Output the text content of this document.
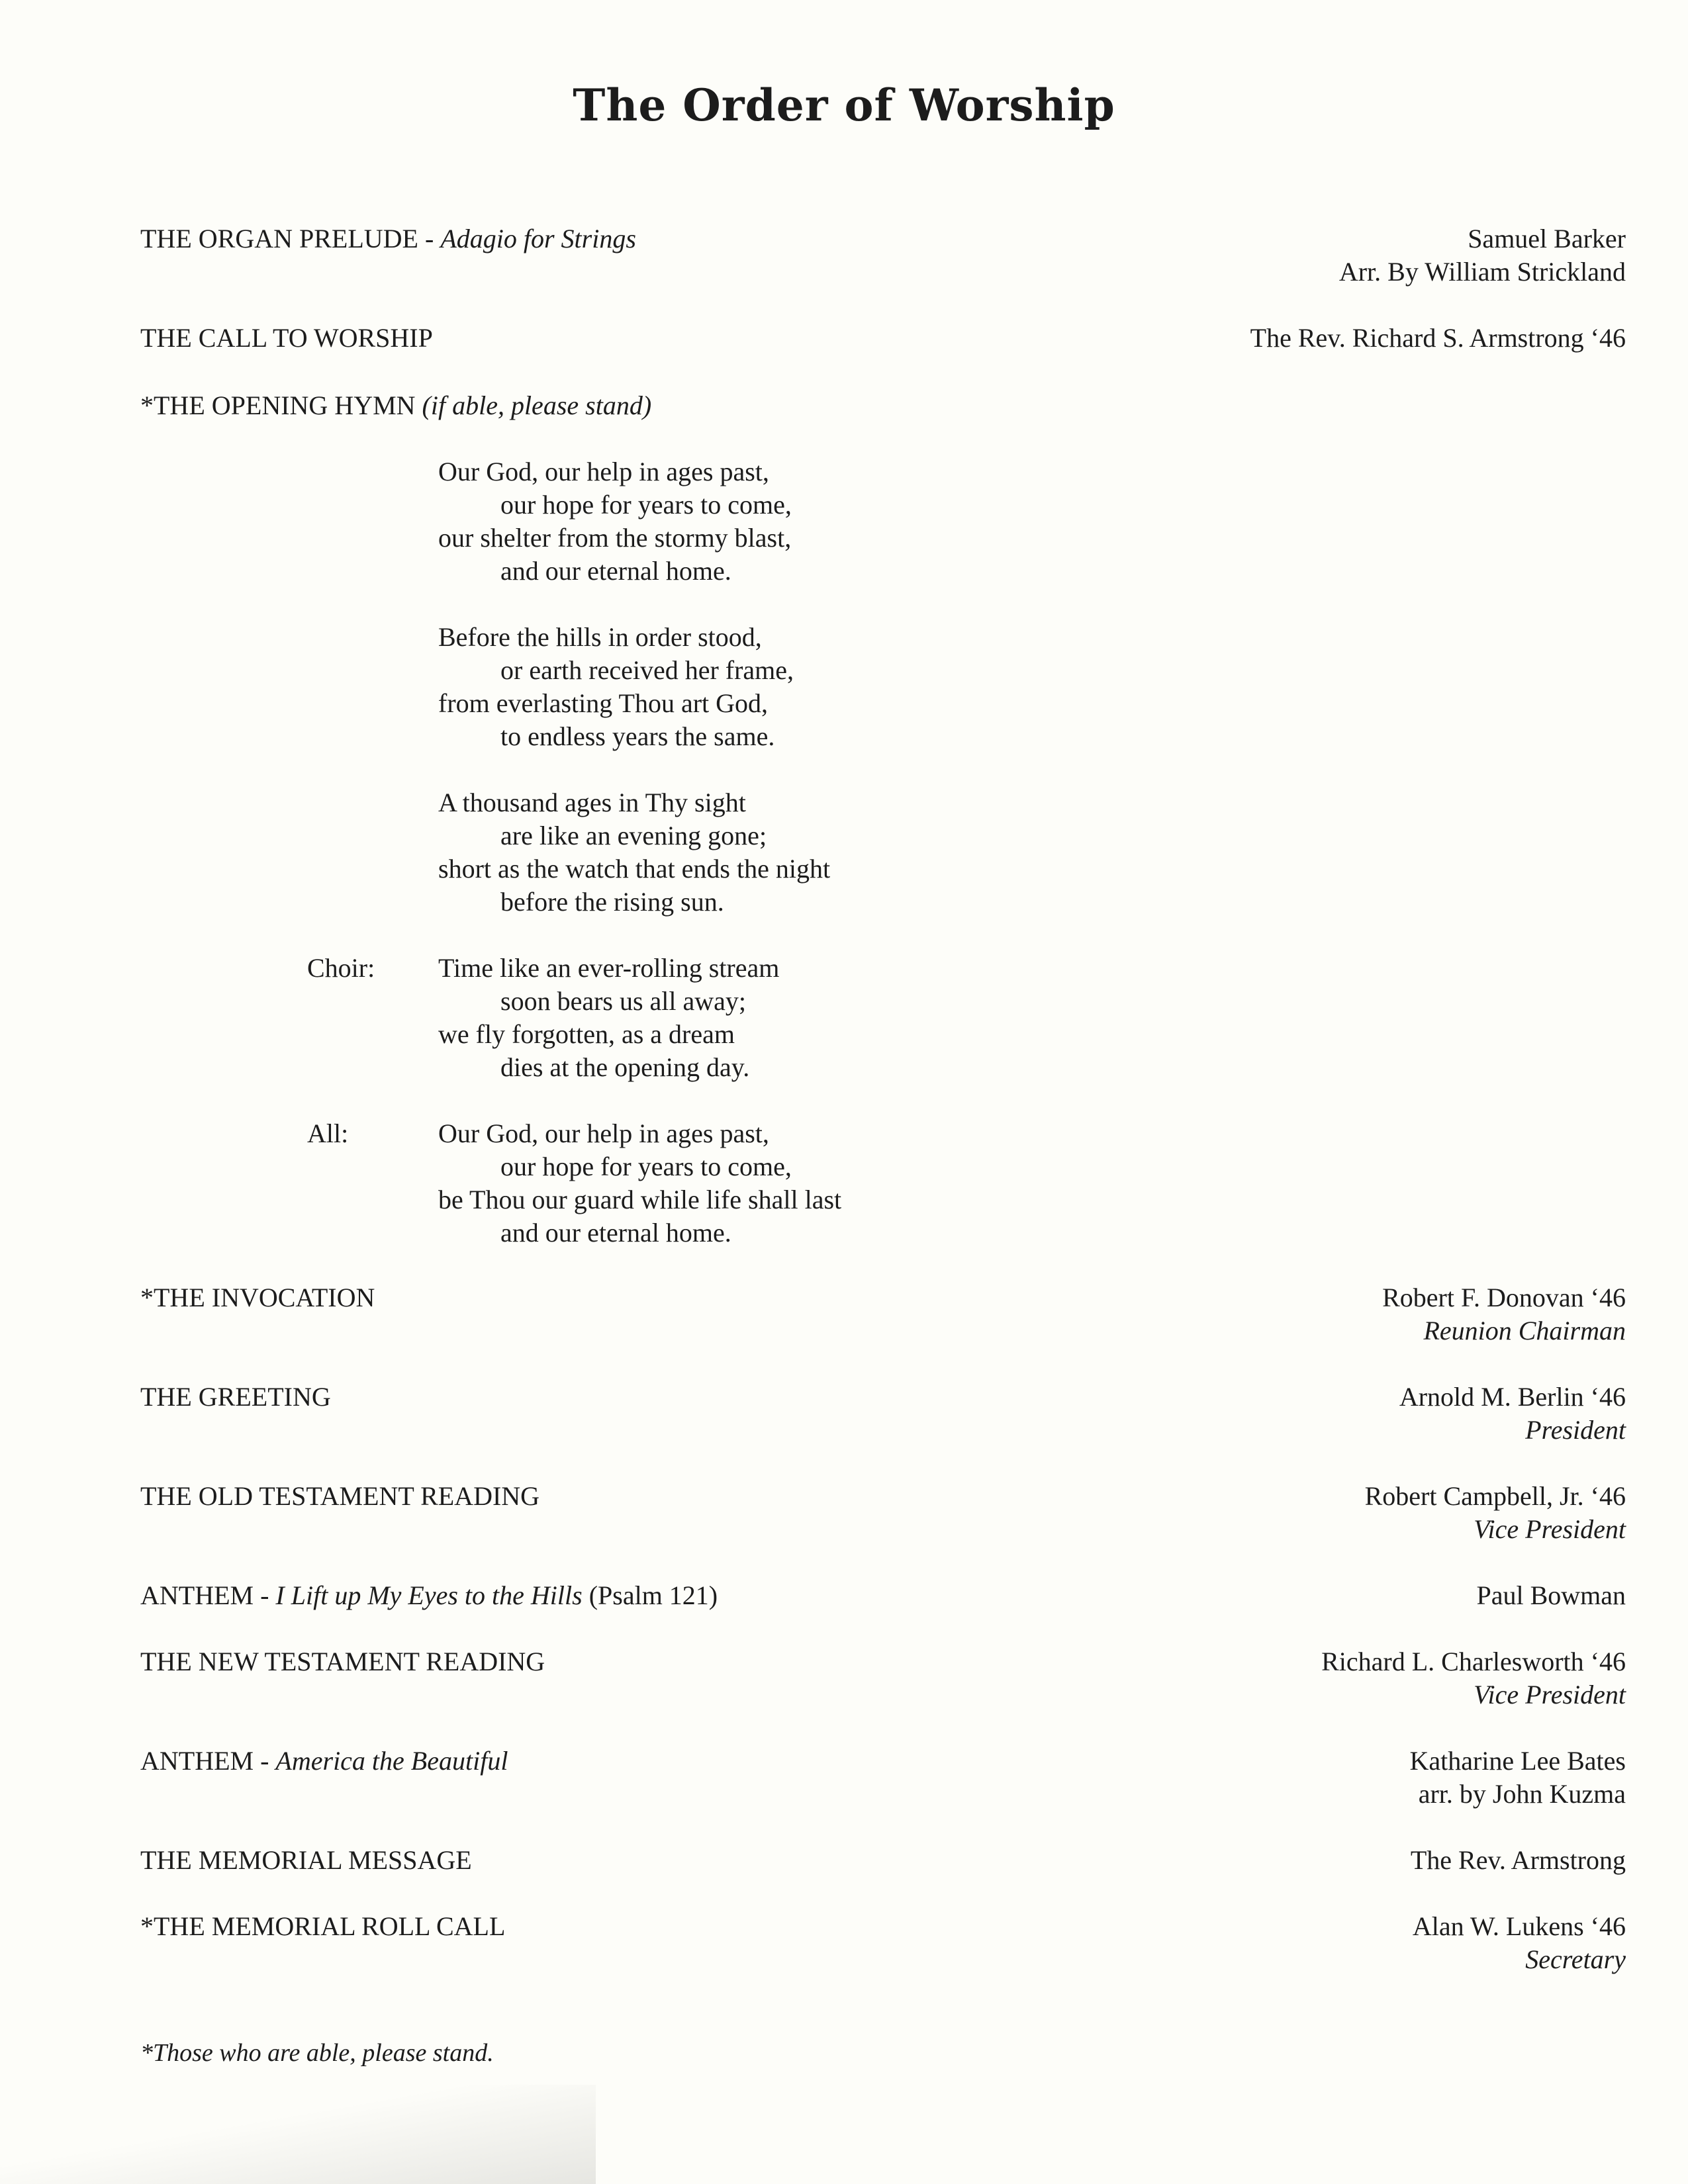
The Order of Worship
THE ORGAN PRELUDE - Adagio for Strings	Samuel Barker
Arr. By William Strickland
THE CALL TO WORSHIP	The Rev. Richard S. Armstrong ‘46
*THE OPENING HYMN (if able, please stand)
Our God, our help in ages past,
our hope for years to come,
our shelter from the stormy blast,
and our eternal home.
Before the hills in order stood,
or earth received her frame,
from everlasting Thou art God,
to endless years the same.
A thousand ages in Thy sight
are like an evening gone;
short as the watch that ends the night
before the rising sun.
Choir: Time like an ever-rolling stream
soon bears us all away;
we fly forgotten, as a dream
dies at the opening day.
All:	Our God, our help in ages past,
our hope for years to come,
be Thou our guard while life shall last
and our eternal home.
*THE INVOCATION	Robert F. Donovan ‘46
Reunion Chairman
THE GREETING	Arnold M. Berlin ‘46
President
THE OLD TESTAMENT READING	Robert Campbell, Jr. ‘46
Vice President
ANTHEM - I Lift up My Eyes to the Hills (Psalm 121)	Paul Bowman
THE NEW TESTAMENT READING	Richard L. Charlesworth ‘46
Vice President
ANTHEM - America the Beautiful	Katharine Lee Bates
arr. by John Kuzma
THE MEMORIAL MESSAGE	The Rev. Armstrong
*THE MEMORIAL ROLL CALL	Alan W. Lukens ‘46
Secretary
*Those who are able, please stand.
